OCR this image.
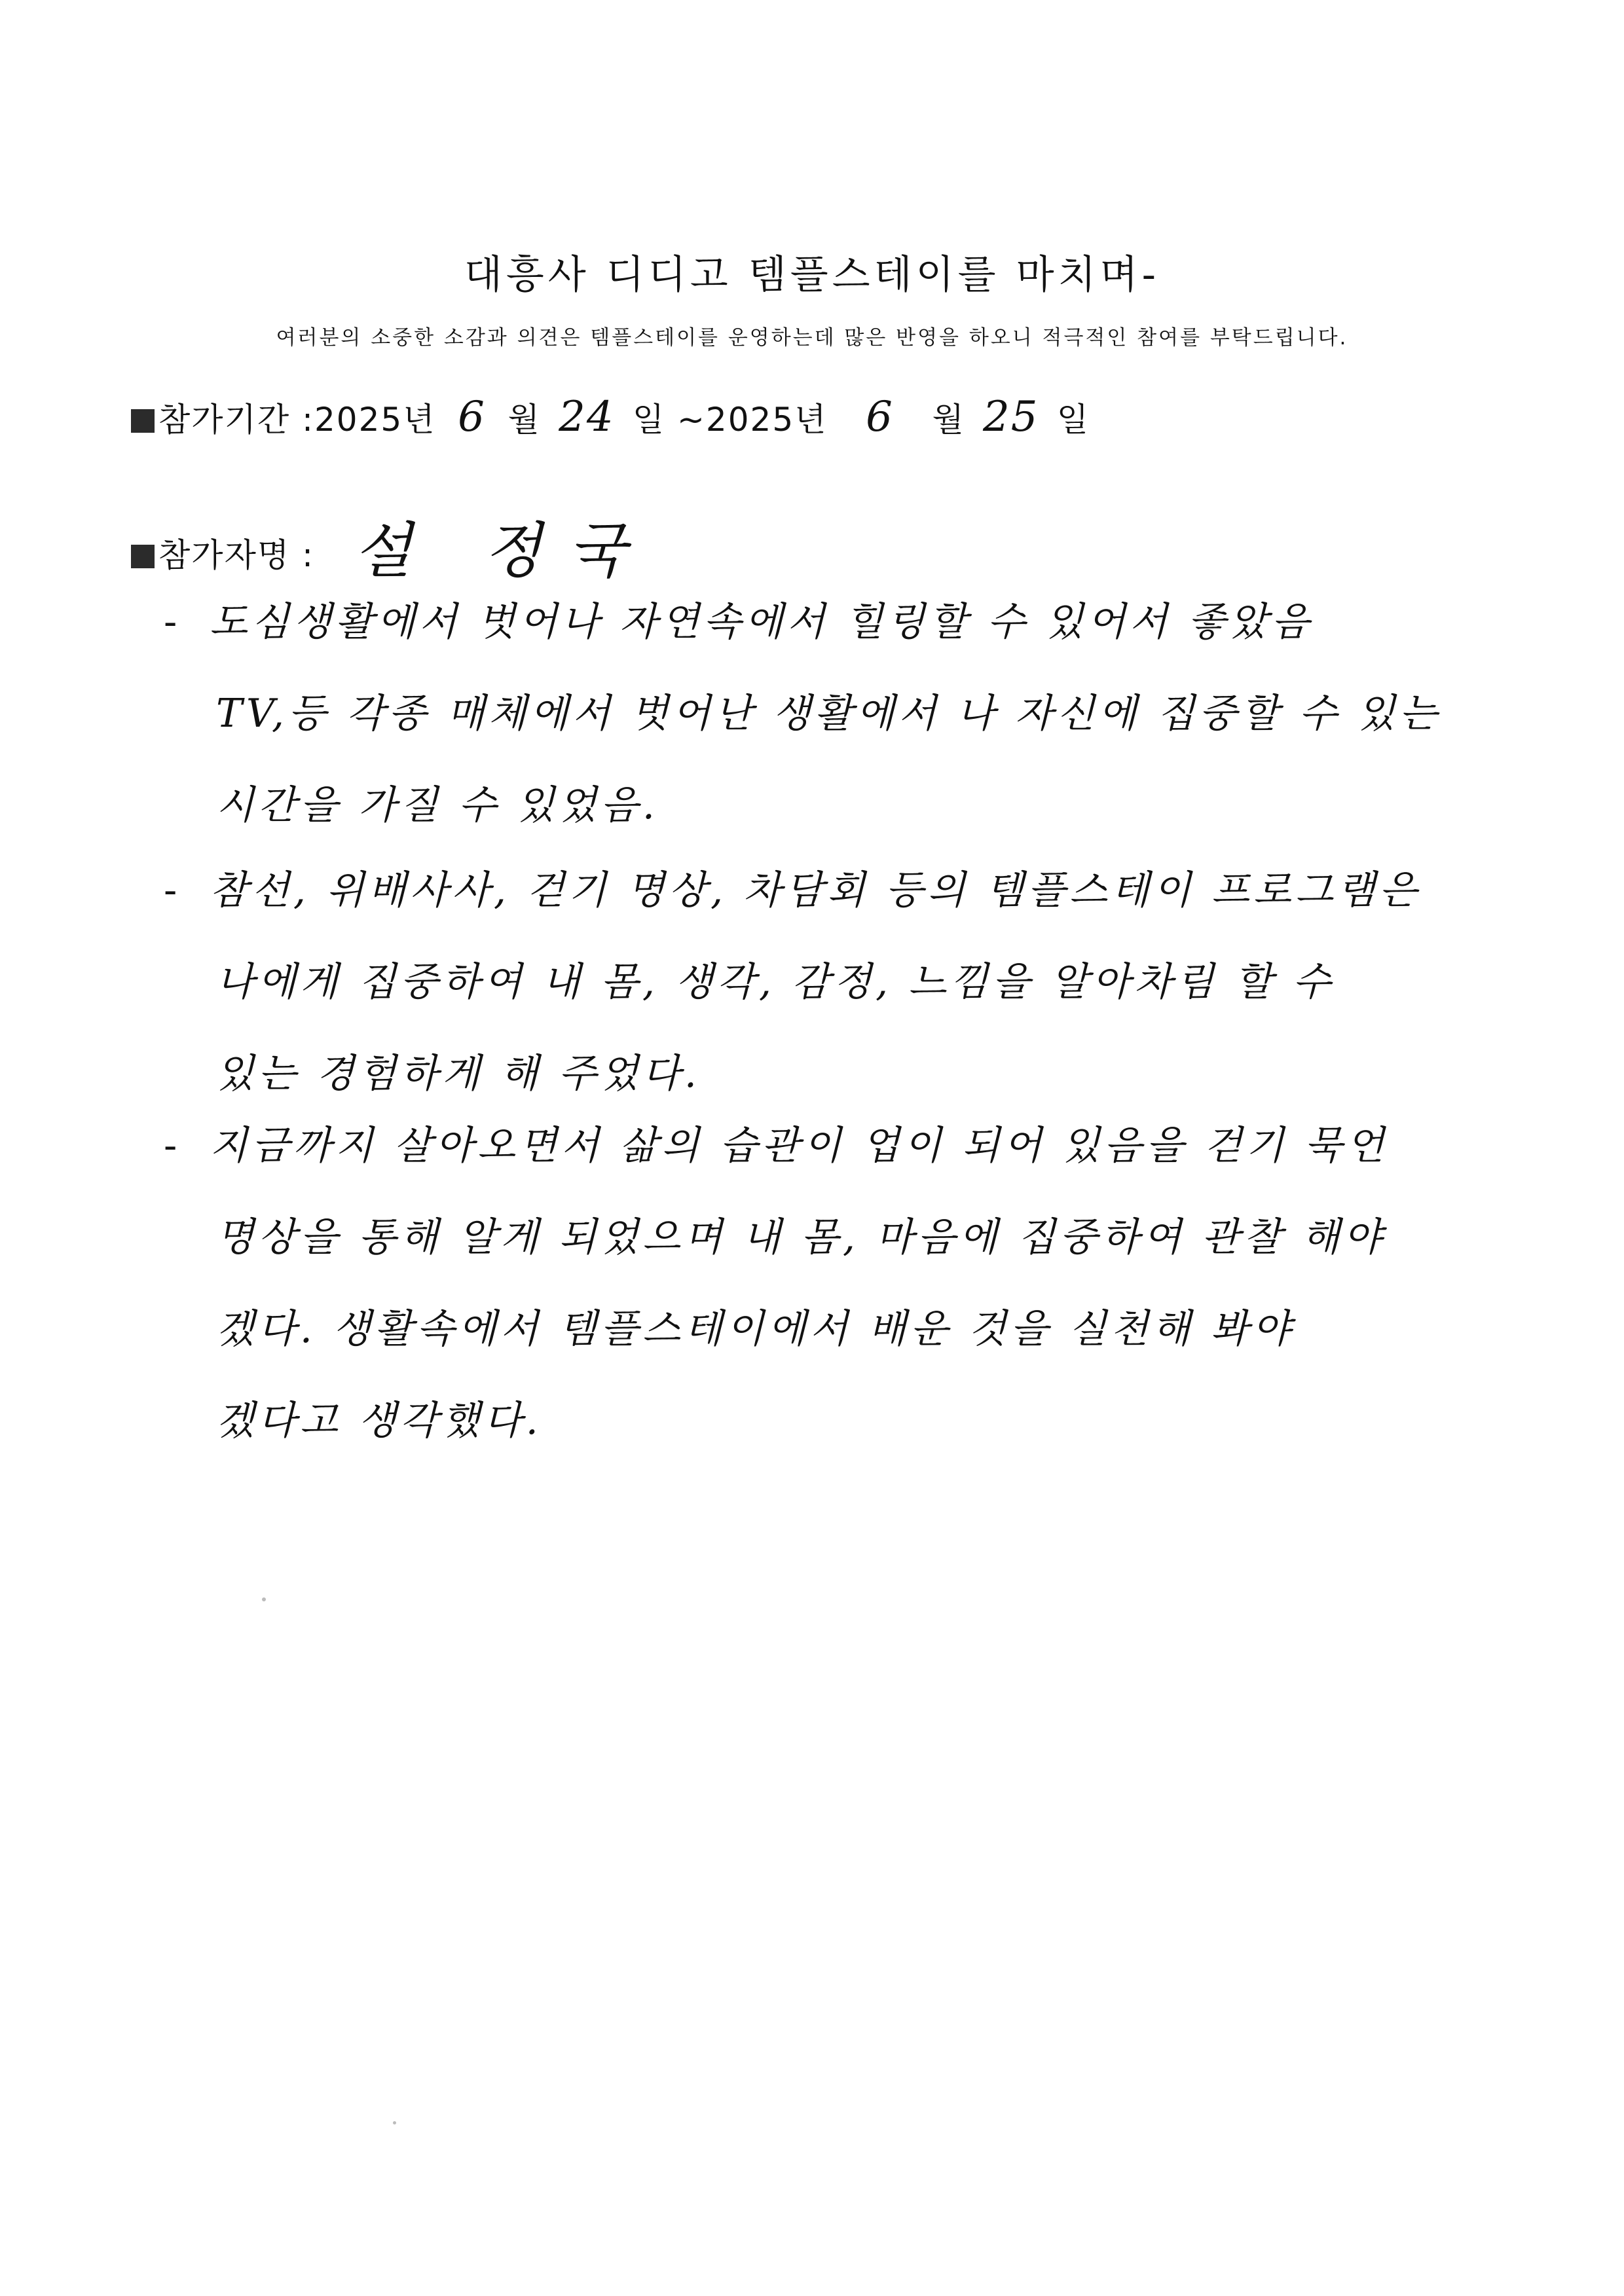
대흥사 디디고 템플스테이를 마치며-
여러분의 소중한 소감과 의견은 템플스테이를 운영하는데 많은 반영을 하오니 적극적인 참여를 부탁드립니다.
참가기간 : 2025년 6 월 24 일 ~ 2025년 6	월 25 일
참가자명 : 설 정국
- 도심생활에서 벗어나 자연속에서 힐링할 수 있어서 좋았음
TV,등 각종 매체에서 벗어난 생활에서 나 자신에 집중할 수 있는
시간을 가질 수 있었음.
- 참선, 위배사사, 걷기 명상, 차담회 등의 템플스테이 프로그램은
나에게 집중하여 내 몸, 생각, 감정, 느낌을 알아차림 할 수
있는 경험하게 해 주었다.
- 지금까지 살아오면서 삶의 습관이 업이 되어 있음을 걷기 묵언
명상을 통해 알게 되었으며 내 몸, 마음에 집중하여 관찰 해야
겠다. 생활속에서 템플스테이에서 배운 것을 실천해 봐야
겠다고 생각했다.
